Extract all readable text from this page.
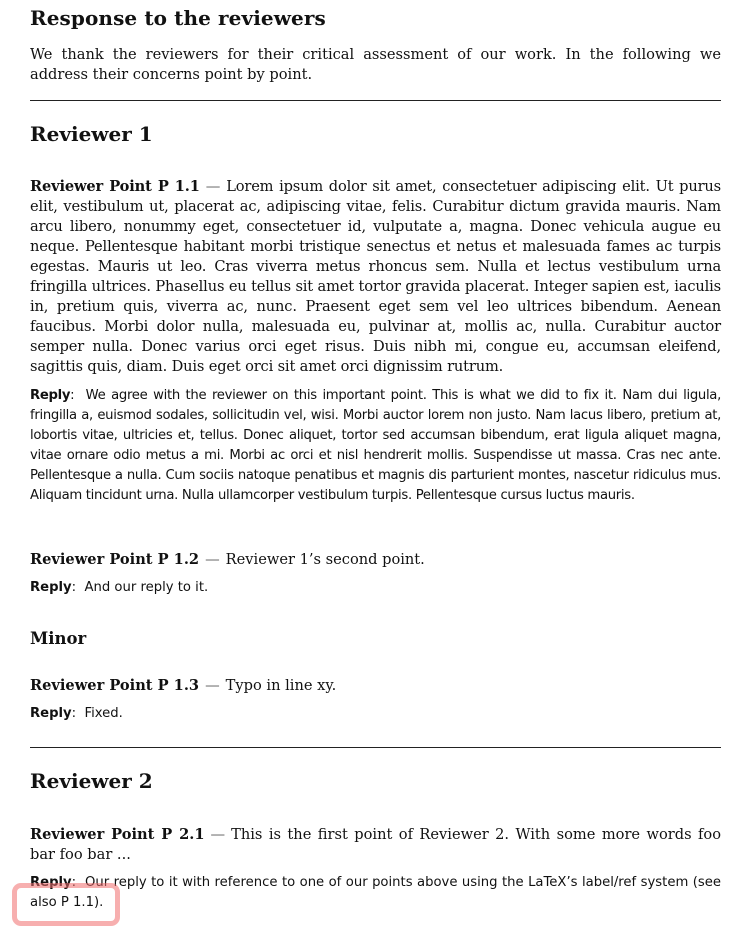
Response to the reviewers

We thank the reviewers for their critical assessment of our work. In the following we address their concerns point by point.

Reviewer 1

Reviewer Point P 1.1 — Lorem ipsum dolor sit amet, consectetuer adipiscing elit. Ut purus elit, vestibulum ut, placerat ac, adipiscing vitae, felis. Curabitur dictum gravida mauris. Nam arcu libero, nonummy eget, consectetuer id, vulputate a, magna. Donec vehicula augue eu neque. Pellentesque habitant morbi tristique senectus et netus et malesuada fames ac turpis egestas. Mauris ut leo. Cras viverra metus rhoncus sem. Nulla et lectus vestibulum urna fringilla ultrices. Phasellus eu tellus sit amet tortor gravida placerat. Integer sapien est, iaculis in, pretium quis, viverra ac, nunc. Praesent eget sem vel leo ultrices bibendum. Aenean faucibus. Morbi dolor nulla, malesuada eu, pulvinar at, mollis ac, nulla. Curabitur auctor semper nulla. Donec varius orci eget risus. Duis nibh mi, congue eu, accumsan eleifend, sagittis quis, diam. Duis eget orci sit amet orci dignissim rutrum.

Reply:  We agree with the reviewer on this important point. This is what we did to fix it. Nam dui ligula, fringilla a, euismod sodales, sollicitudin vel, wisi. Morbi auctor lorem non justo. Nam lacus libero, pretium at, lobortis vitae, ultricies et, tellus. Donec aliquet, tortor sed accumsan bibendum, erat ligula aliquet magna, vitae ornare odio metus a mi. Morbi ac orci et nisl hendrerit mollis. Suspendisse ut massa. Cras nec ante. Pellentesque a nulla. Cum sociis natoque penatibus et magnis dis parturient montes, nascetur ridiculus mus. Aliquam tincidunt urna. Nulla ullamcorper vestibulum turpis. Pellentesque cursus luctus mauris.

Reviewer Point P 1.2 — Reviewer 1’s second point.

Reply:  And our reply to it.

Minor

Reviewer Point P 1.3 — Typo in line xy.

Reply:  Fixed.

Reviewer 2

Reviewer Point P 2.1 — This is the first point of Reviewer 2. With some more words foo bar foo bar ...

Reply:  Our reply to it with reference to one of our points above using the LaTeX’s label/ref system (see also P 1.1).
